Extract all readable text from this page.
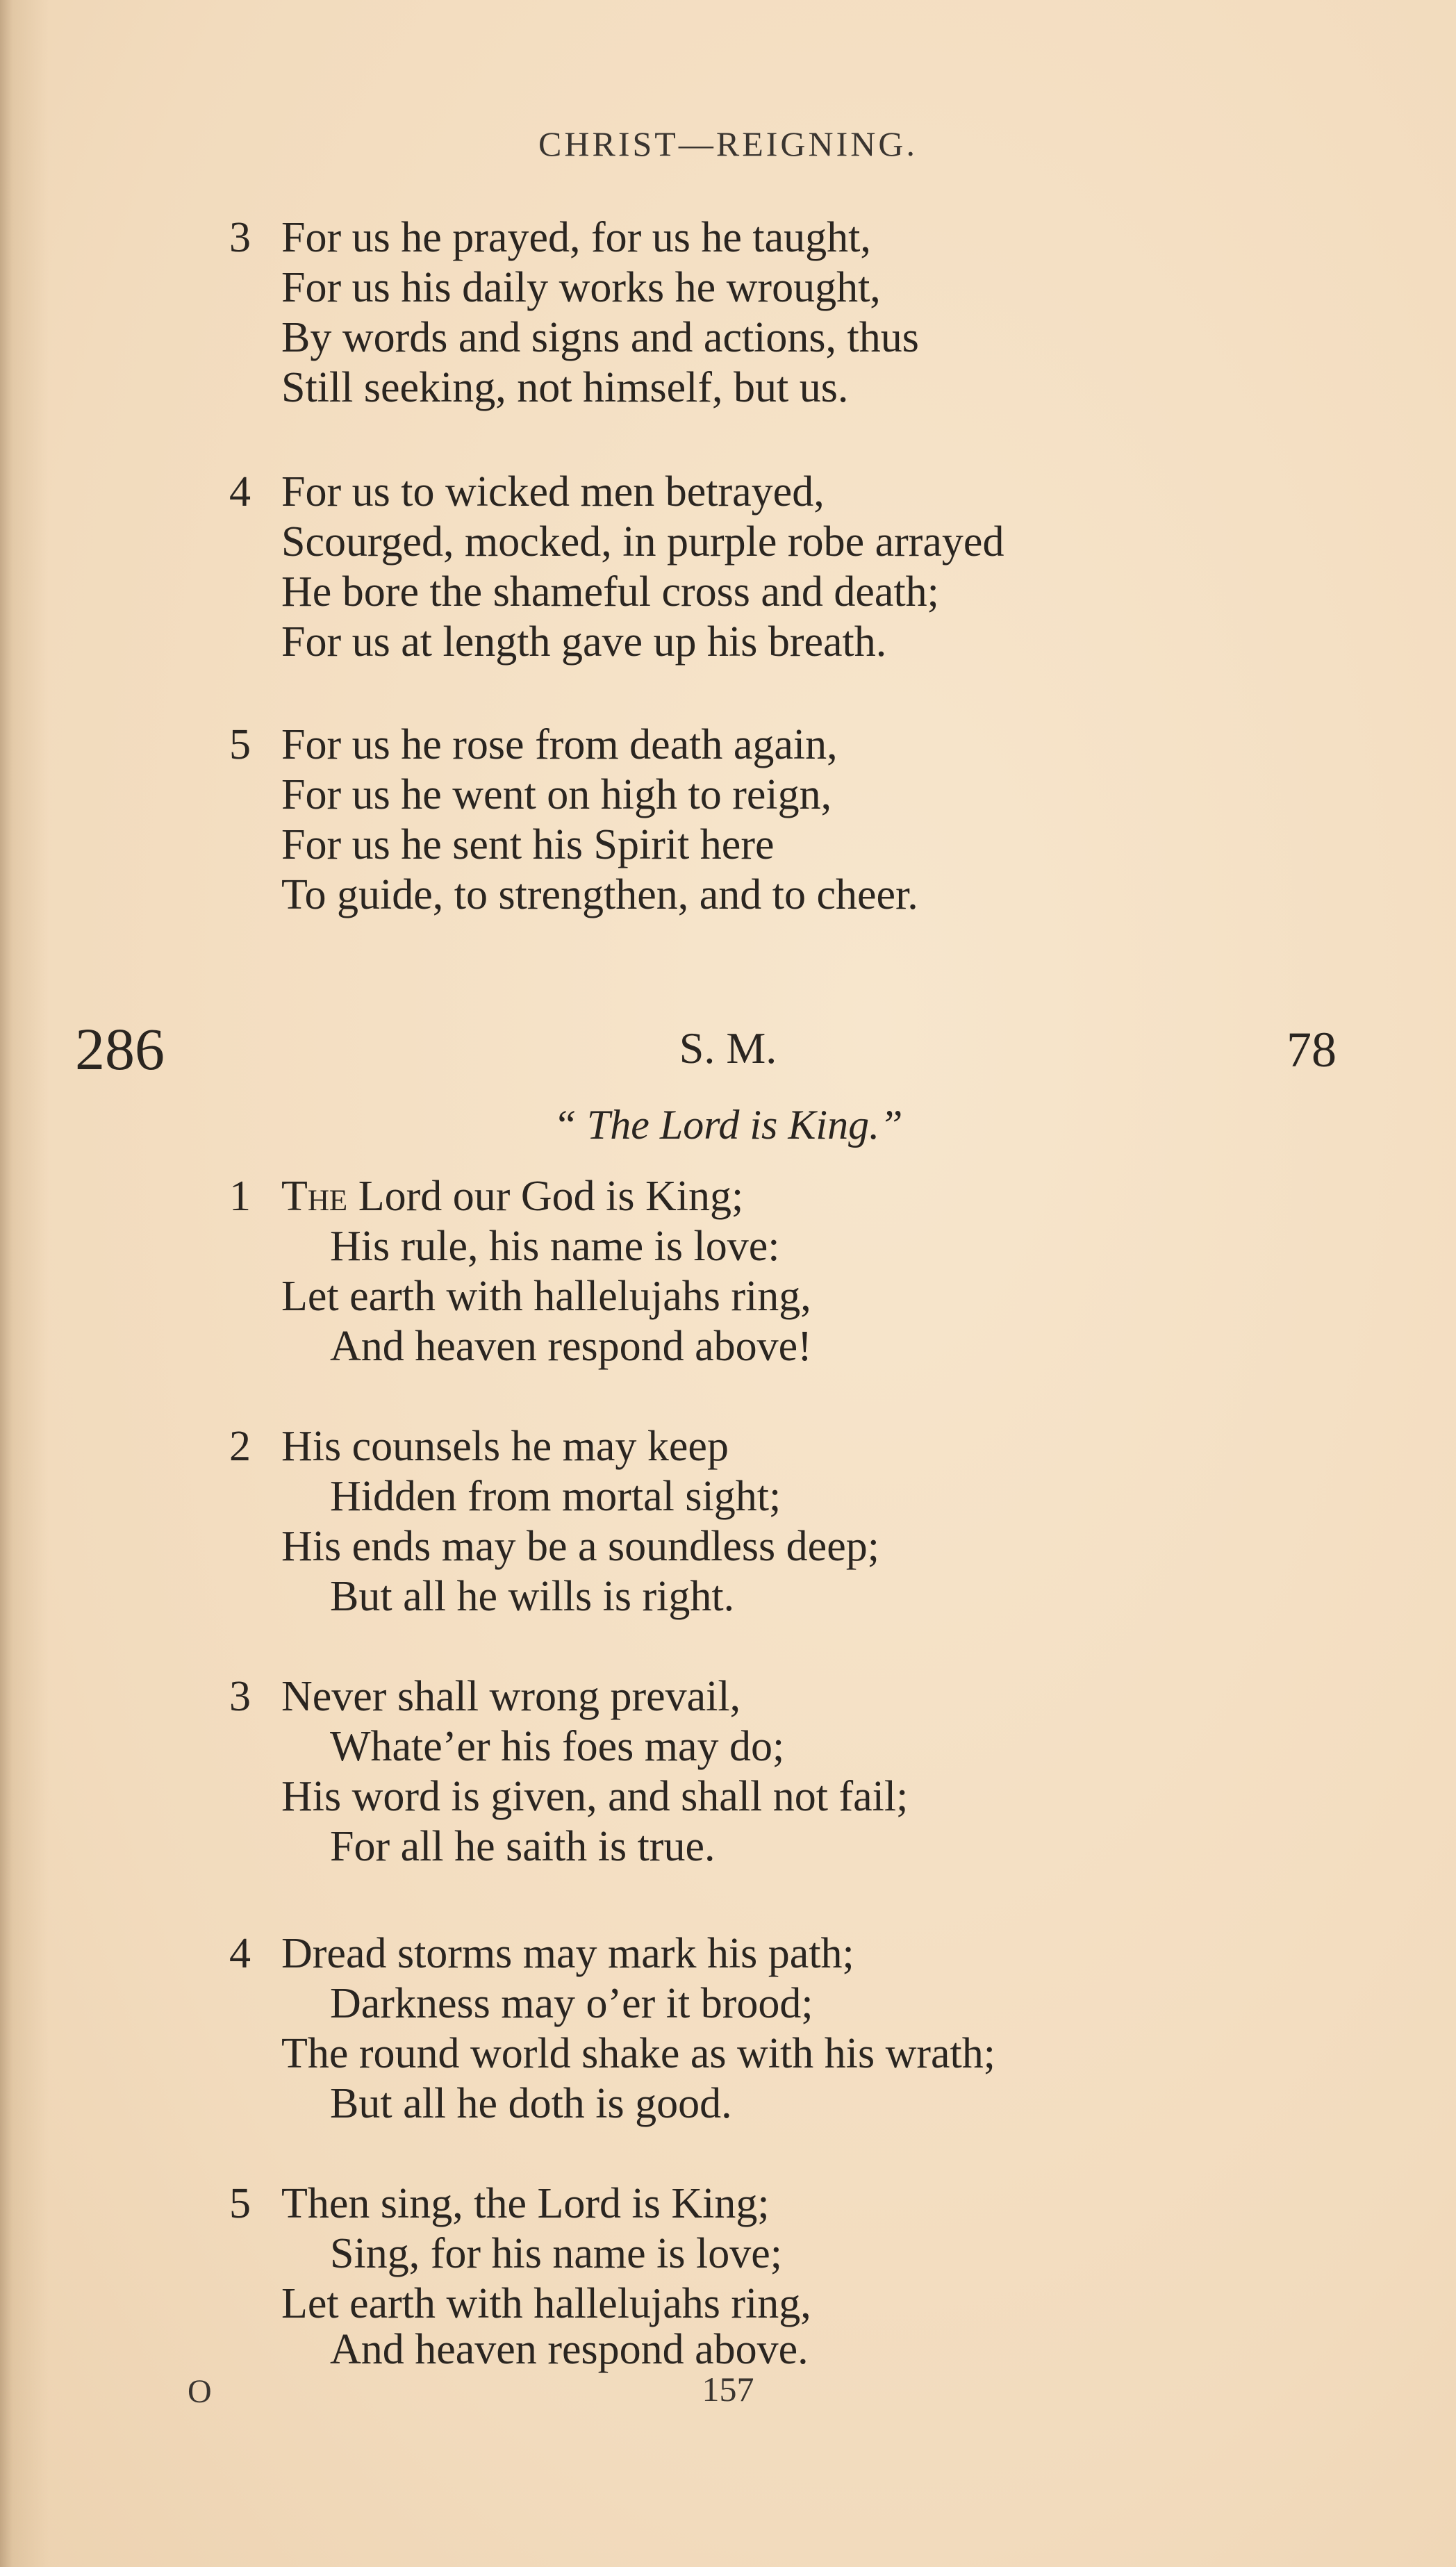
CHRIST—REIGNING.
3 For us he prayed, for us he taught,
For us his daily works he wrought,
By words and signs and actions, thus
Still seeking, not himself, but us.
4 For us to wicked men betrayed,
Scourged, mocked, in purple robe arrayed
He bore the shameful cross and death;
For us at length gave up his breath.
5 For us he rose from death again,
For us he went on high to reign,
For us he sent his Spirit here
To guide, to strengthen, and to cheer.
286	S. M.	78
“ The Lord is King.”
1 The Lord our God is King;
His rule, his name is love:
Let earth with hallelujahs ring,
And heaven respond above!
2 His counsels he may keep
Hidden from mortal sight;
His ends may be a soundless deep;
But all he wills is right.
3 Never shall wrong prevail,
Whate’er his foes may do;
His word is given, and shall not fail;
For all he saith is true.
4 Dread storms may mark his path;
Darkness may o’er it brood;
The round world shake as with his wrath;
But all he doth is good.
5 Then sing, the Lord is King;
Sing, for his name is love;
Let earth with hallelujahs ring,
And heaven respond above.
O	157
